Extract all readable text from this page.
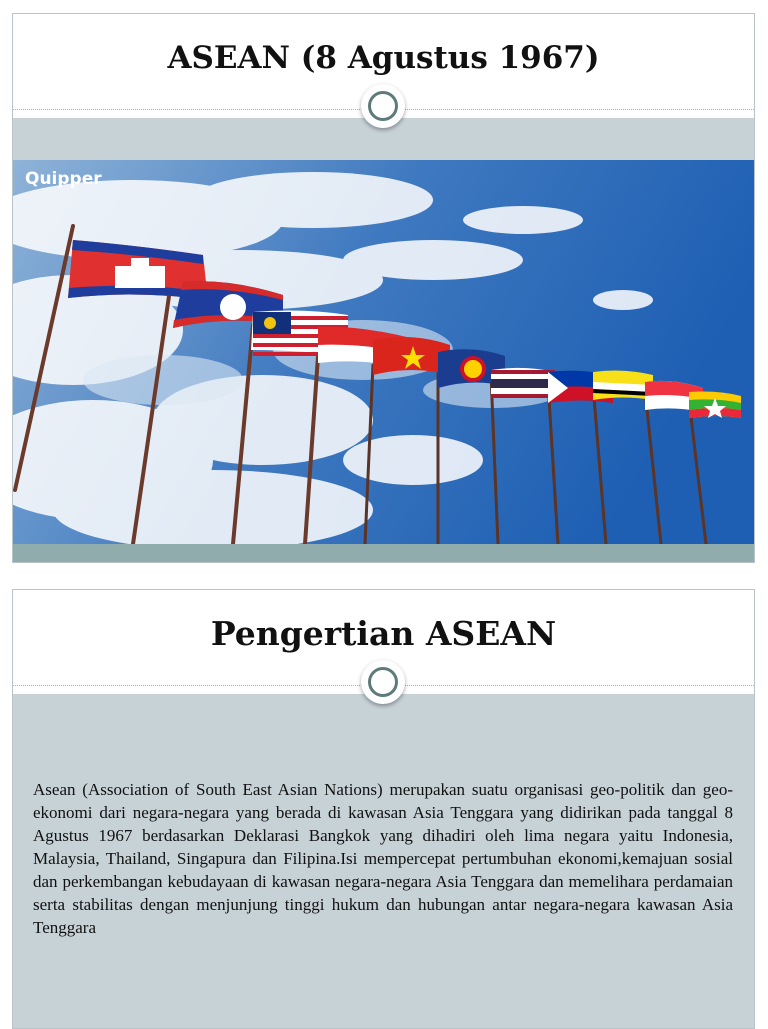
ASEAN (8 Agustus 1967)
Quipper
Pengertian ASEAN

Asean (Association of South East Asian Nations) merupakan suatu organisasi geo-politik dan geo-ekonomi dari negara-negara yang berada di kawasan Asia Tenggara yang didirikan pada tanggal 8 Agustus 1967 berdasarkan Deklarasi Bangkok yang dihadiri oleh lima negara yaitu Indonesia, Malaysia, Thailand, Singapura dan Filipina.Isi mempercepat pertumbuhan ekonomi,kemajuan sosial dan perkembangan kebudayaan di kawasan negara-negara Asia Tenggara dan memelihara perdamaian serta stabilitas dengan menjunjung tinggi hukum dan hubungan antar negara-negara kawasan Asia Tenggara
